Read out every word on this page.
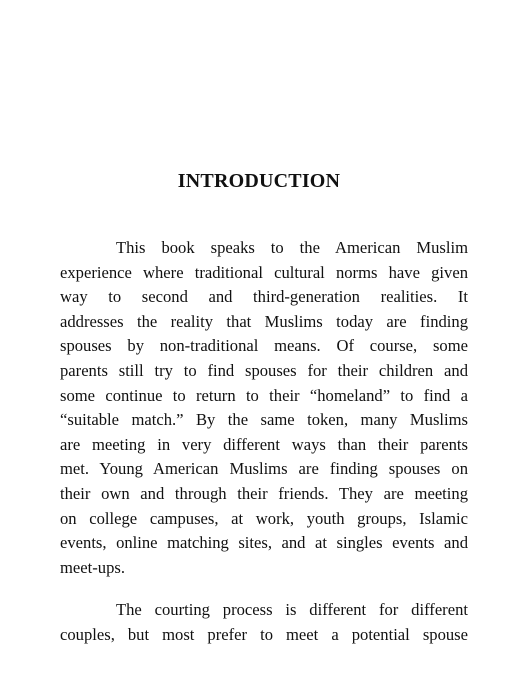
INTRODUCTION
This book speaks to the American Muslim
experience where traditional cultural norms have given
way to second and third-generation realities. It
addresses the reality that Muslims today are finding
spouses by non-traditional means. Of course, some
parents still try to find spouses for their children and
some continue to return to their “homeland” to find a
“suitable match.” By the same token, many Muslims
are meeting in very different ways than their parents
met. Young American Muslims are finding spouses on
their own and through their friends. They are meeting
on college campuses, at work, youth groups, Islamic
events, online matching sites, and at singles events and
meet-ups.
The courting process is different for different
couples, but most prefer to meet a potential spouse
